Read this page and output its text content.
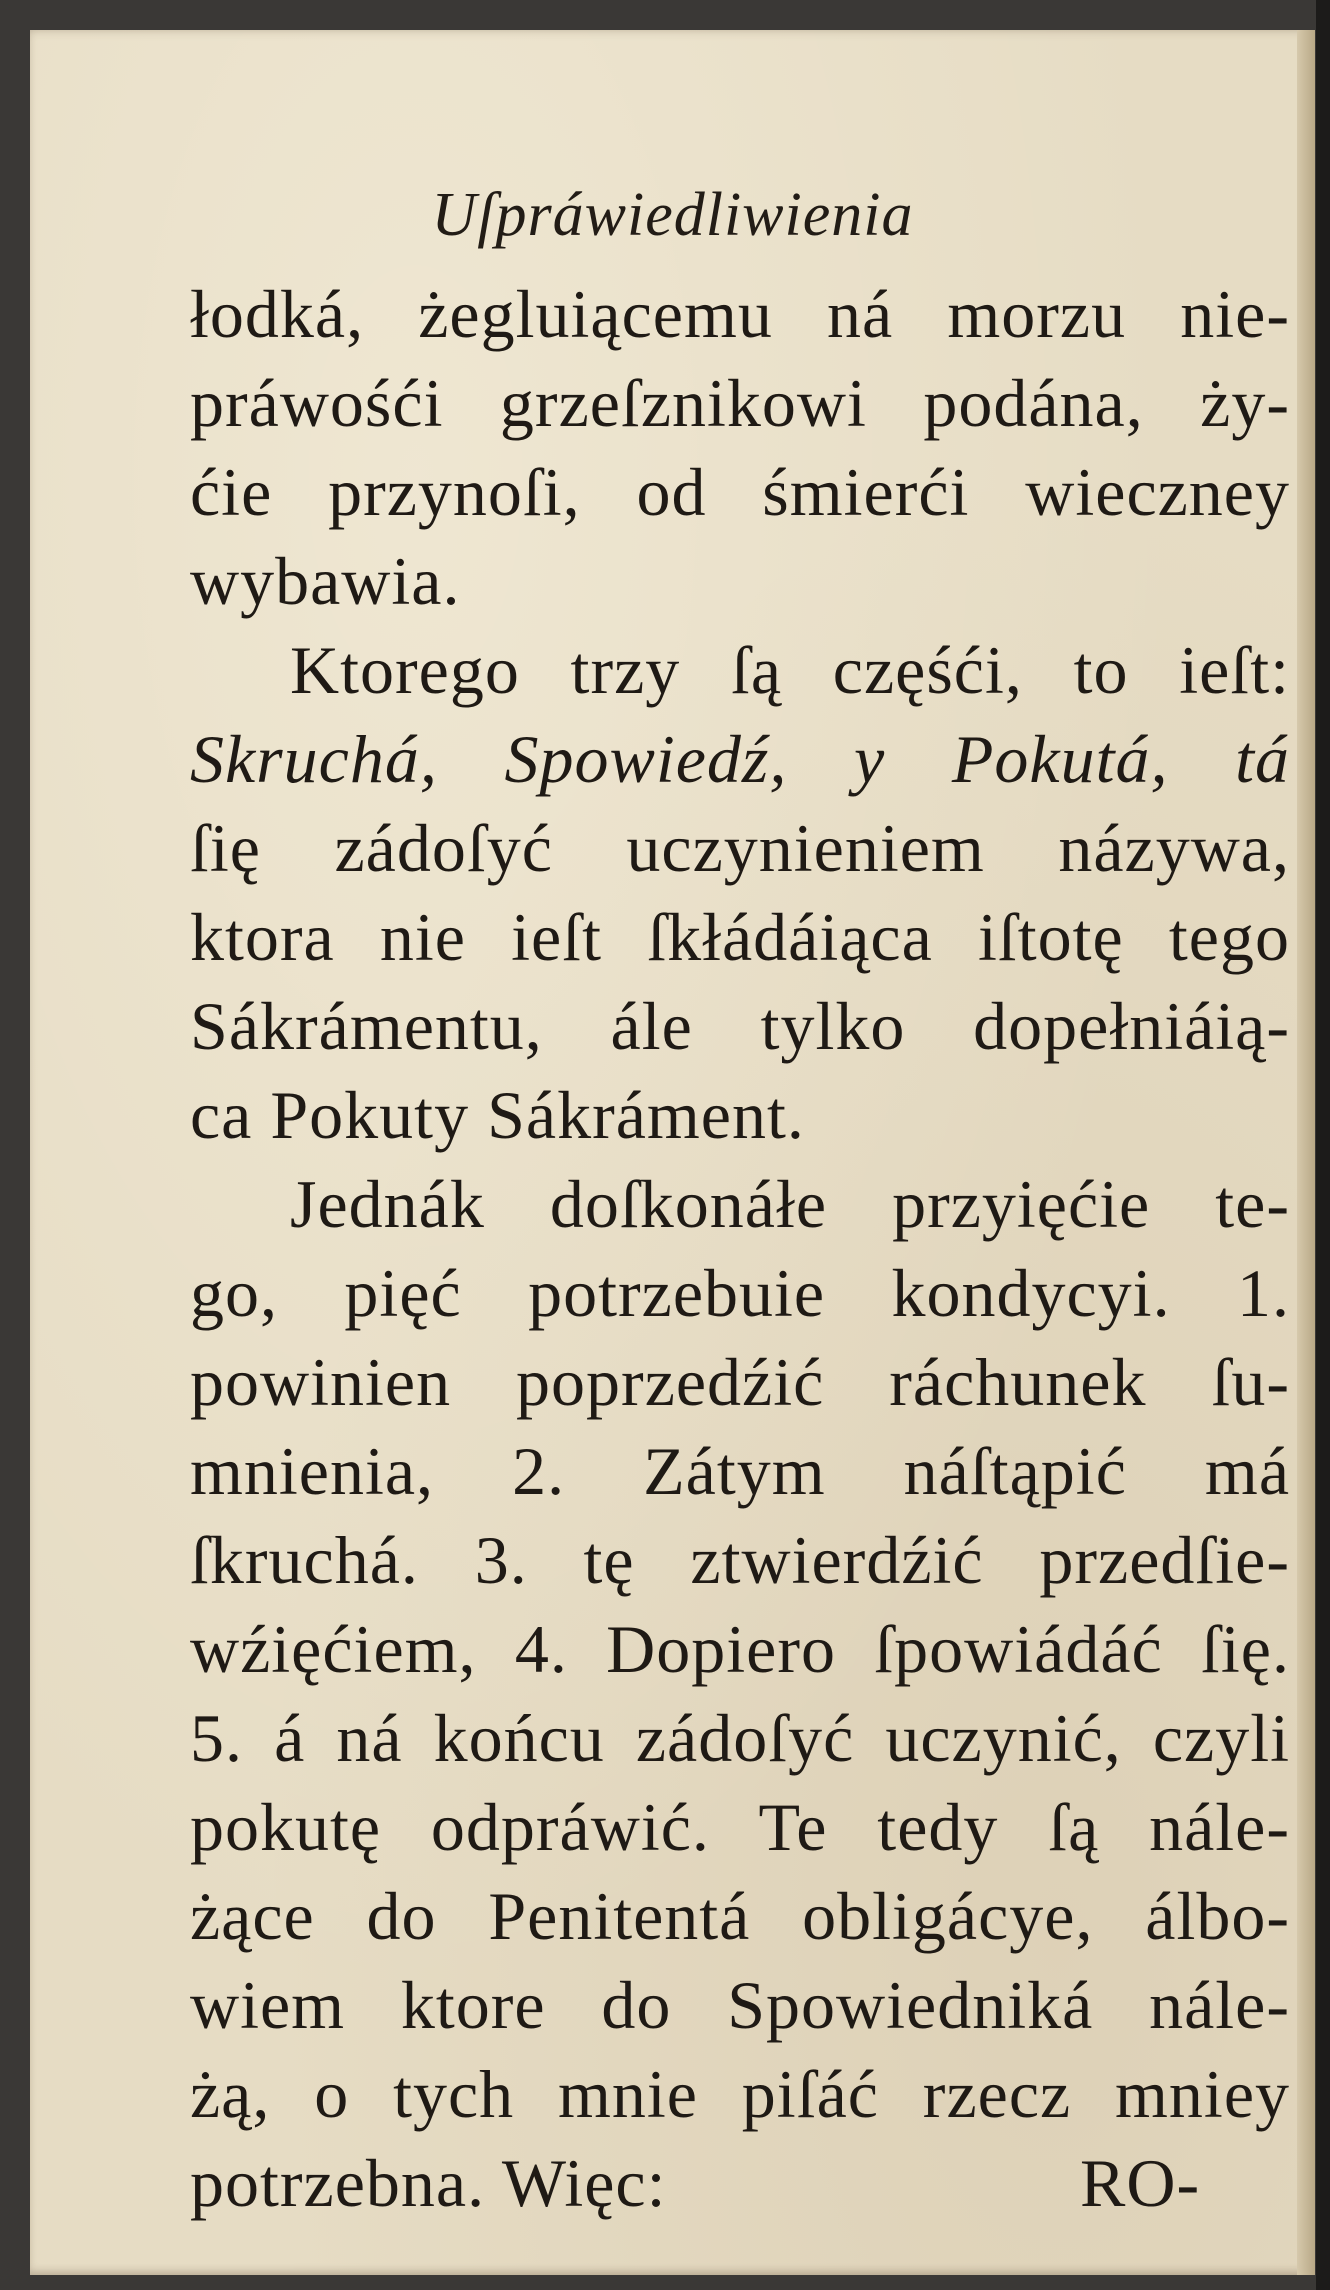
Uſpráwiedliwienia
łodká, żegluiącemu ná morzu nie-
práwośći grzeſznikowi podána, ży-
ćie przynoſi, od śmierći wieczney
wybawia.
Ktorego trzy ſą częśći, to ieſt:
Skruchá, Spowiedź, y Pokutá, tá
ſię zádoſyć uczynieniem názywa,
ktora nie ieſt ſkłádáiąca iſtotę tego
Sákrámentu, ále tylko dopełniáią-
ca Pokuty Sákráment.
Jednák doſkonáłe przyięćie te-
go, pięć potrzebuie kondycyi. 1.
powinien poprzedźić ráchunek ſu-
mnienia, 2. Zátym náſtąpić má
ſkruchá. 3. tę ztwierdźić przedſie-
wźięćiem, 4. Dopiero ſpowiádáć ſię.
5. á ná końcu zádoſyć uczynić, czyli
pokutę odpráwić. Te tedy ſą nále-
żące do Penitentá obligácye, álbo-
wiem ktore do Spowiedniká nále-
żą, o tych mnie piſáć rzecz mniey
potrzebna. Więc:	RO-
